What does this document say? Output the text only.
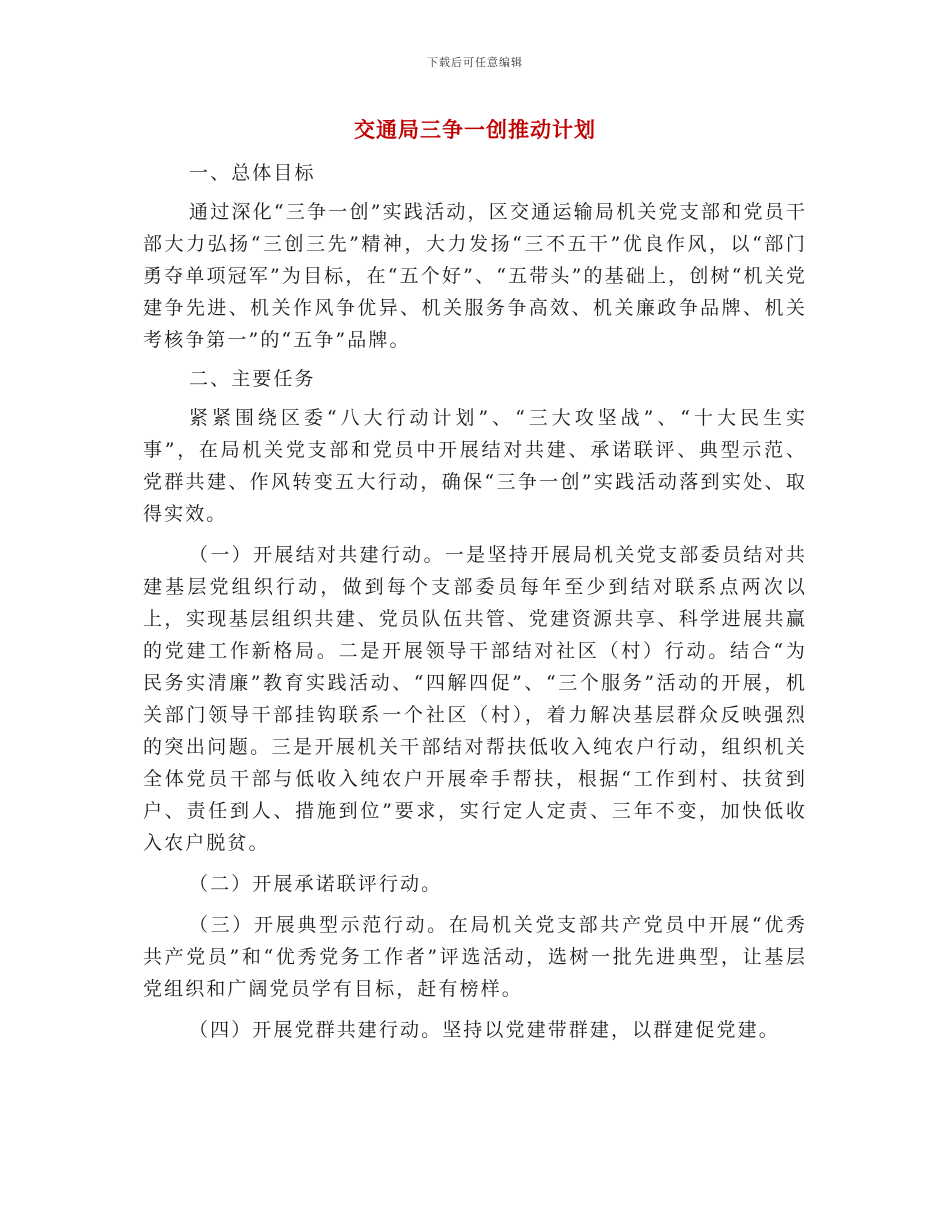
下载后可任意编辑
交通局三争一创推动计划

一、总体目标

通过深化“三争一创”实践活动，区交通运输局机关党支部和党员干部大力弘扬“三创三先”精神，大力发扬“三不五干”优良作风，以“部门勇夺单项冠军”为目标，在“五个好”、“五带头”的基础上，创树“机关党建争先进、机关作风争优异、机关服务争高效、机关廉政争品牌、机关考核争第一”的“五争”品牌。

二、主要任务

紧紧围绕区委“八大行动计划”、“三大攻坚战”、“十大民生实事”，在局机关党支部和党员中开展结对共建、承诺联评、典型示范、党群共建、作风转变五大行动，确保“三争一创”实践活动落到实处、取得实效。

（一）开展结对共建行动。一是坚持开展局机关党支部委员结对共建基层党组织行动，做到每个支部委员每年至少到结对联系点两次以上，实现基层组织共建、党员队伍共管、党建资源共享、科学进展共赢的党建工作新格局。二是开展领导干部结对社区（村）行动。结合“为民务实清廉”教育实践活动、“四解四促”、“三个服务”活动的开展，机关部门领导干部挂钩联系一个社区（村），着力解决基层群众反映强烈的突出问题。三是开展机关干部结对帮扶低收入纯农户行动，组织机关全体党员干部与低收入纯农户开展牵手帮扶，根据“工作到村、扶贫到户、责任到人、措施到位”要求，实行定人定责、三年不变，加快低收入农户脱贫。

（二）开展承诺联评行动。

（三）开展典型示范行动。在局机关党支部共产党员中开展“优秀共产党员”和“优秀党务工作者”评选活动，选树一批先进典型，让基层党组织和广阔党员学有目标，赶有榜样。

（四）开展党群共建行动。坚持以党建带群建，以群建促党建。
